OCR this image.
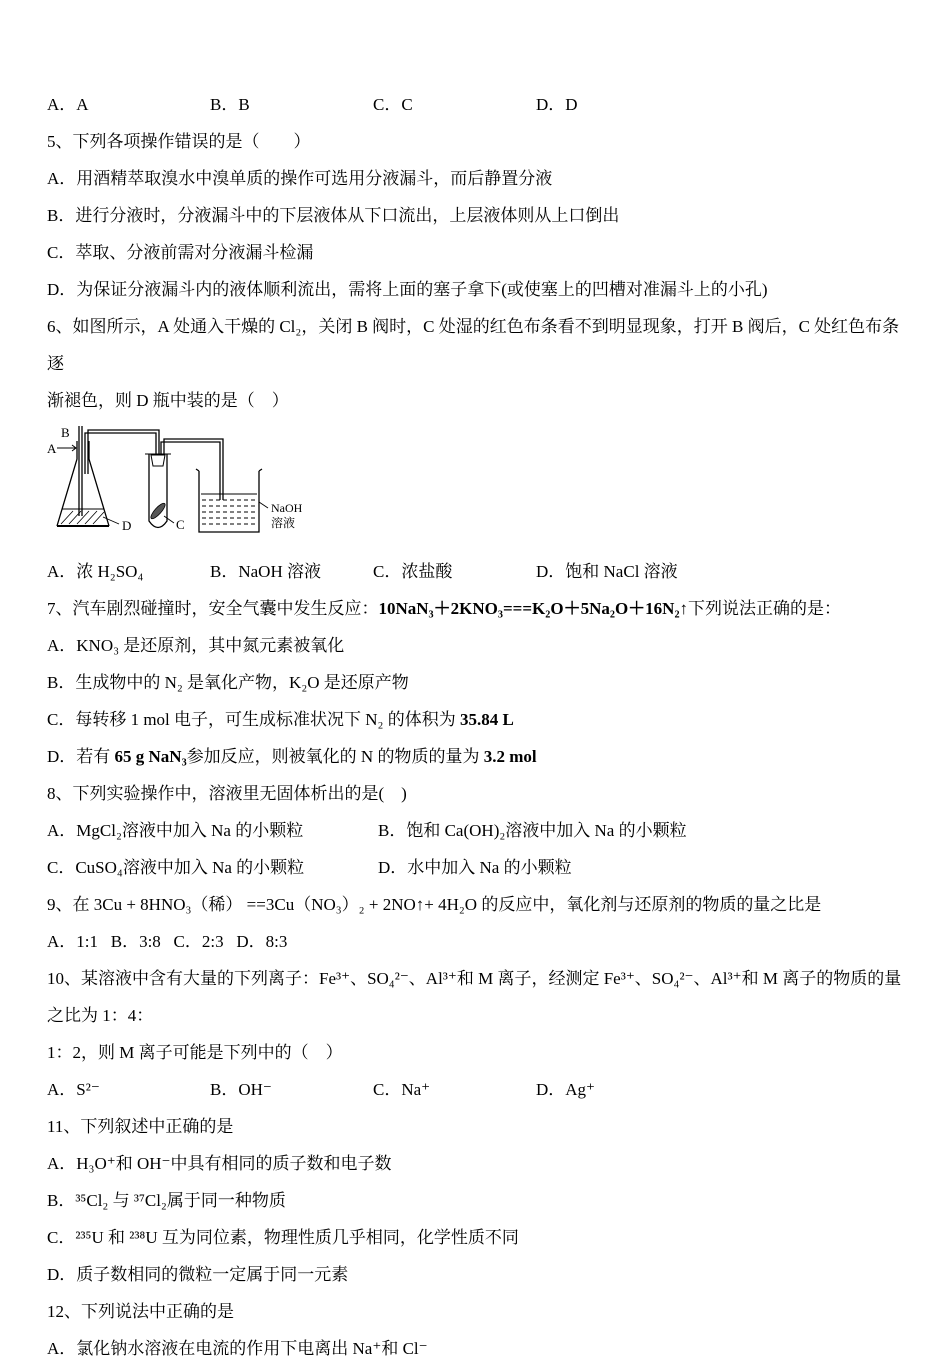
A．A	B．B	C．C	D．D
5、下列各项操作错误的是（　　）
A．用酒精萃取溴水中溴单质的操作可选用分液漏斗，而后静置分液
B．进行分液时，分液漏斗中的下层液体从下口流出，上层液体则从上口倒出
C．萃取、分液前需对分液漏斗检漏
D．为保证分液漏斗内的液体顺利流出，需将上面的塞子拿下(或使塞上的凹槽对准漏斗上的小孔)
6、如图所示，A 处通入干燥的 Cl₂，关闭 B 阀时，C 处湿的红色布条看不到明显现象，打开 B 阀后，C 处红色布条逐
渐褪色，则 D 瓶中装的是（　）
B
A
C
D
NaOH
溶液
A．浓 H₂SO₄	B．NaOH 溶液	C．浓盐酸	D．饱和 NaCl 溶液
7、汽车剧烈碰撞时，安全气囊中发生反应：10NaN₃＋2KNO₃===K₂O＋5Na₂O＋16N₂↑下列说法正确的是：
A．KNO₃ 是还原剂，其中氮元素被氧化
B．生成物中的 N₂ 是氧化产物，K₂O 是还原产物
C．每转移 1 mol 电子，可生成标准状况下 N₂ 的体积为 35.84 L
D．若有 65 g NaN₃参加反应，则被氧化的 N 的物质的量为 3.2 mol
8、下列实验操作中，溶液里无固体析出的是(　)
A．MgCl₂溶液中加入 Na 的小颗粒	B．饱和 Ca(OH)₂溶液中加入 Na 的小颗粒
C．CuSO₄溶液中加入 Na 的小颗粒	D．水中加入 Na 的小颗粒
9、在 3Cu + 8HNO₃（稀） ==3Cu（NO₃）₂ + 2NO↑+ 4H₂O 的反应中，氧化剂与还原剂的物质的量之比是
A．1:1   B．3:8   C．2:3   D．8:3
10、某溶液中含有大量的下列离子：Fe³⁺、SO₄²⁻、Al³⁺和 M 离子，经测定 Fe³⁺、SO₄²⁻、Al³⁺和 M 离子的物质的量之比为 1：4：
1：2，则 M 离子可能是下列中的（　）
A．S²⁻	B．OH⁻	C．Na⁺	D．Ag⁺
11、下列叙述中正确的是
A．H₃O⁺和 OH⁻中具有相同的质子数和电子数
B．³⁵Cl₂ 与 ³⁷Cl₂属于同一种物质
C．²³⁵U 和 ²³⁸U 互为同位素，物理性质几乎相同，化学性质不同
D．质子数相同的微粒一定属于同一元素
12、下列说法中正确的是
A．氯化钠水溶液在电流的作用下电离出 Na⁺和 Cl⁻
